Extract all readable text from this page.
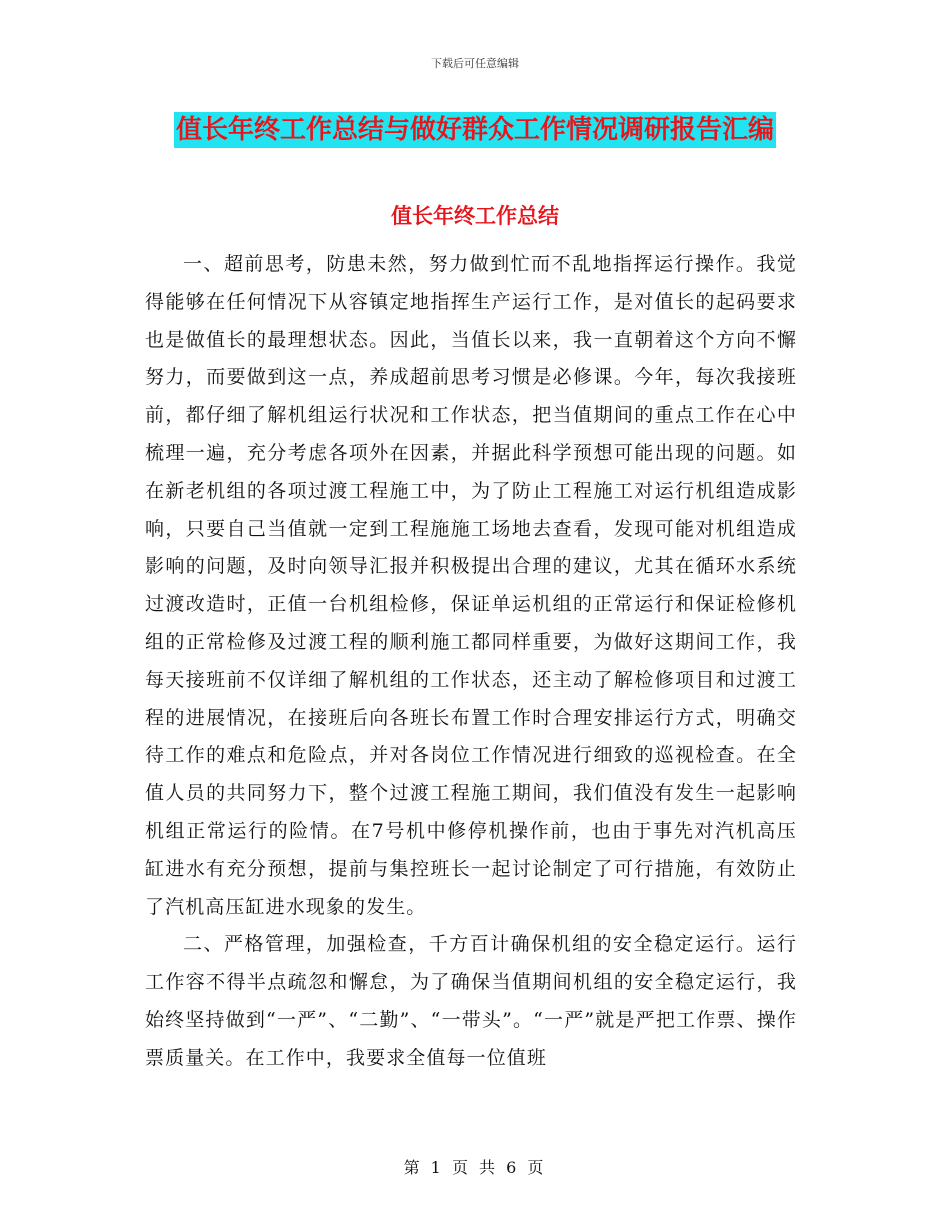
下载后可任意编辑
值长年终工作总结与做好群众工作情况调研报告汇编
值长年终工作总结

一、超前思考，防患未然，努力做到忙而不乱地指挥运行操作。我觉得能够在任何情况下从容镇定地指挥生产运行工作，是对值长的起码要求也是做值长的最理想状态。因此，当值长以来，我一直朝着这个方向不懈努力，而要做到这一点，养成超前思考习惯是必修课。今年，每次我接班前，都仔细了解机组运行状况和工作状态，把当值期间的重点工作在心中梳理一遍，充分考虑各项外在因素，并据此科学预想可能出现的问题。如在新老机组的各项过渡工程施工中，为了防止工程施工对运行机组造成影响，只要自己当值就一定到工程施施工场地去查看，发现可能对机组造成影响的问题，及时向领导汇报并积极提出合理的建议，尤其在循环水系统过渡改造时，正值一台机组检修，保证单运机组的正常运行和保证检修机组的正常检修及过渡工程的顺利施工都同样重要，为做好这期间工作，我每天接班前不仅详细了解机组的工作状态，还主动了解检修项目和过渡工程的进展情况，在接班后向各班长布置工作时合理安排运行方式，明确交待工作的难点和危险点，并对各岗位工作情况进行细致的巡视检查。在全值人员的共同努力下，整个过渡工程施工期间，我们值没有发生一起影响机组正常运行的险情。在7号机中修停机操作前，也由于事先对汽机高压缸进水有充分预想，提前与集控班长一起讨论制定了可行措施，有效防止了汽机高压缸进水现象的发生。

二、严格管理，加强检查，千方百计确保机组的安全稳定运行。运行工作容不得半点疏忽和懈怠，为了确保当值期间机组的安全稳定运行，我始终坚持做到“一严”、“二勤”、“一带头”。“一严”就是严把工作票、操作票质量关。在工作中，我要求全值每一位值班

第 1 页 共 6 页
